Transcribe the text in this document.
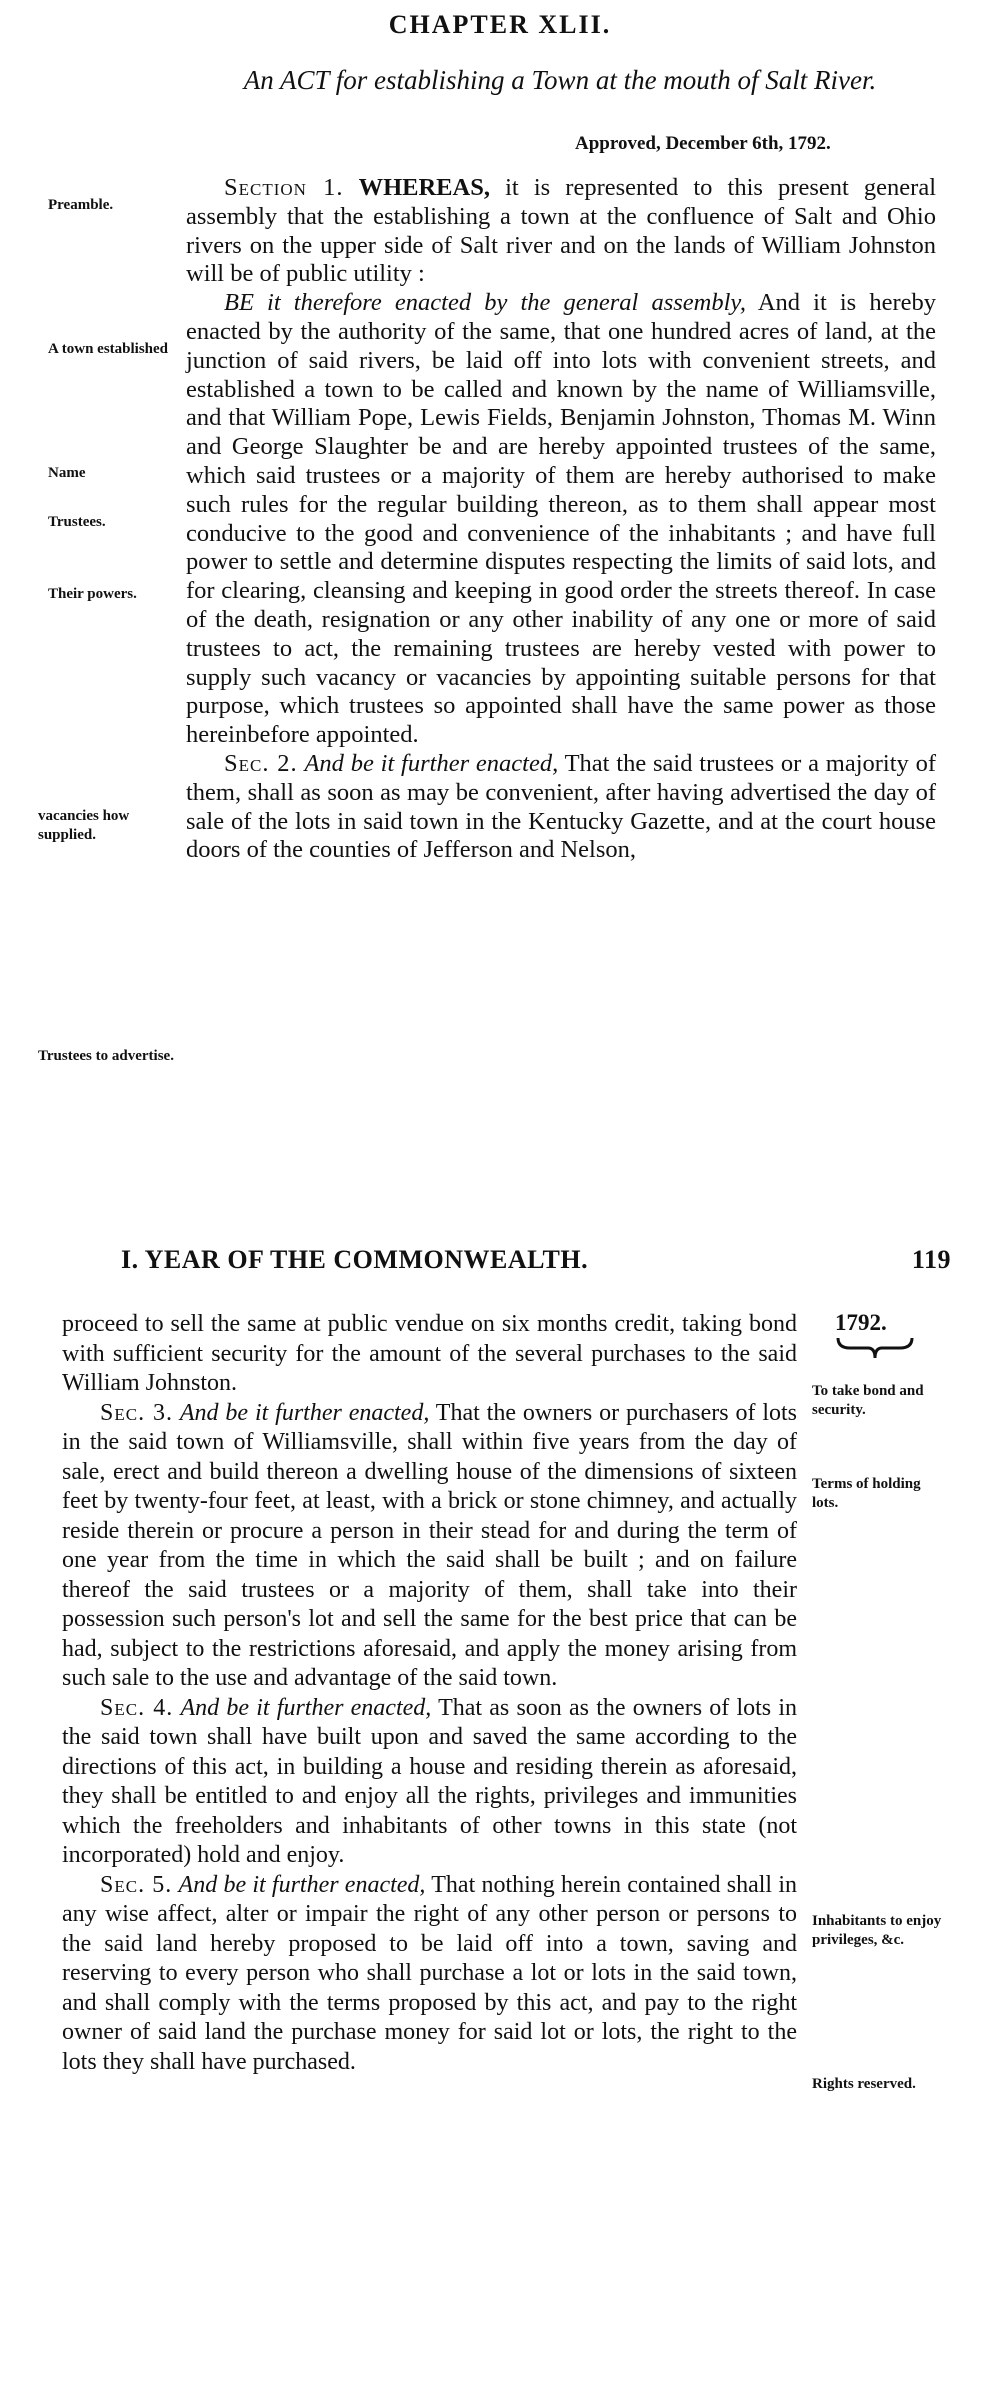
CHAPTER XLII.
An ACT for establishing a Town at the mouth of Salt River.
Approved, December 6th, 1792.
Preamble.
A town established
Name
Trustees.
Their powers.
vacancies how supplied.
Trustees to advertise.

Section 1. WHEREAS, it is represented to this present general assembly that the establishing a town at the confluence of Salt and Ohio rivers on the upper side of Salt river and on the lands of William Johnston will be of public utility :

BE it therefore enacted by the general assembly, And it is hereby enacted by the authority of the same, that one hundred acres of land, at the junction of said rivers, be laid off into lots with convenient streets, and established a town to be called and known by the name of Williamsville, and that William Pope, Lewis Fields, Benjamin Johnston, Thomas M. Winn and George Slaughter be and are hereby appointed trustees of the same, which said trustees or a majority of them are hereby authorised to make such rules for the regular building thereon, as to them shall appear most conducive to the good and convenience of the inhabitants ; and have full power to settle and determine disputes respecting the limits of said lots, and for clearing, cleansing and keeping in good order the streets thereof. In case of the death, resignation or any other inability of any one or more of said trustees to act, the remaining trustees are hereby vested with power to supply such vacancy or vacancies by appointing suitable persons for that purpose, which trustees so appointed shall have the same power as those hereinbefore appointed.

Sec. 2. And be it further enacted, That the said trustees or a majority of them, shall as soon as may be convenient, after having advertised the day of sale of the lots in said town in the Kentucky Gazette, and at the court house doors of the counties of Jefferson and Nelson,

I. YEAR OF THE COMMONWEALTH.	119
1792.
To take bond and security.
Terms of holding lots.
Inhabitants to enjoy privileges, &c.
Rights reserved.

proceed to sell the same at public vendue on six months credit, taking bond with sufficient security for the amount of the several purchases to the said William Johnston.

Sec. 3. And be it further enacted, That the owners or purchasers of lots in the said town of Williamsville, shall within five years from the day of sale, erect and build thereon a dwelling house of the dimensions of sixteen feet by twenty-four feet, at least, with a brick or stone chimney, and actually reside therein or procure a person in their stead for and during the term of one year from the time in which the said shall be built ; and on failure thereof the said trustees or a majority of them, shall take into their possession such person's lot and sell the same for the best price that can be had, subject to the restrictions aforesaid, and apply the money arising from such sale to the use and advantage of the said town.

Sec. 4. And be it further enacted, That as soon as the owners of lots in the said town shall have built upon and saved the same according to the directions of this act, in building a house and residing therein as aforesaid, they shall be entitled to and enjoy all the rights, privileges and immunities which the freeholders and inhabitants of other towns in this state (not incorporated) hold and enjoy.

Sec. 5. And be it further enacted, That nothing herein contained shall in any wise affect, alter or impair the right of any other person or persons to the said land hereby proposed to be laid off into a town, saving and reserving to every person who shall purchase a lot or lots in the said town, and shall comply with the terms proposed by this act, and pay to the right owner of said land the purchase money for said lot or lots, the right to the lots they shall have purchased.
